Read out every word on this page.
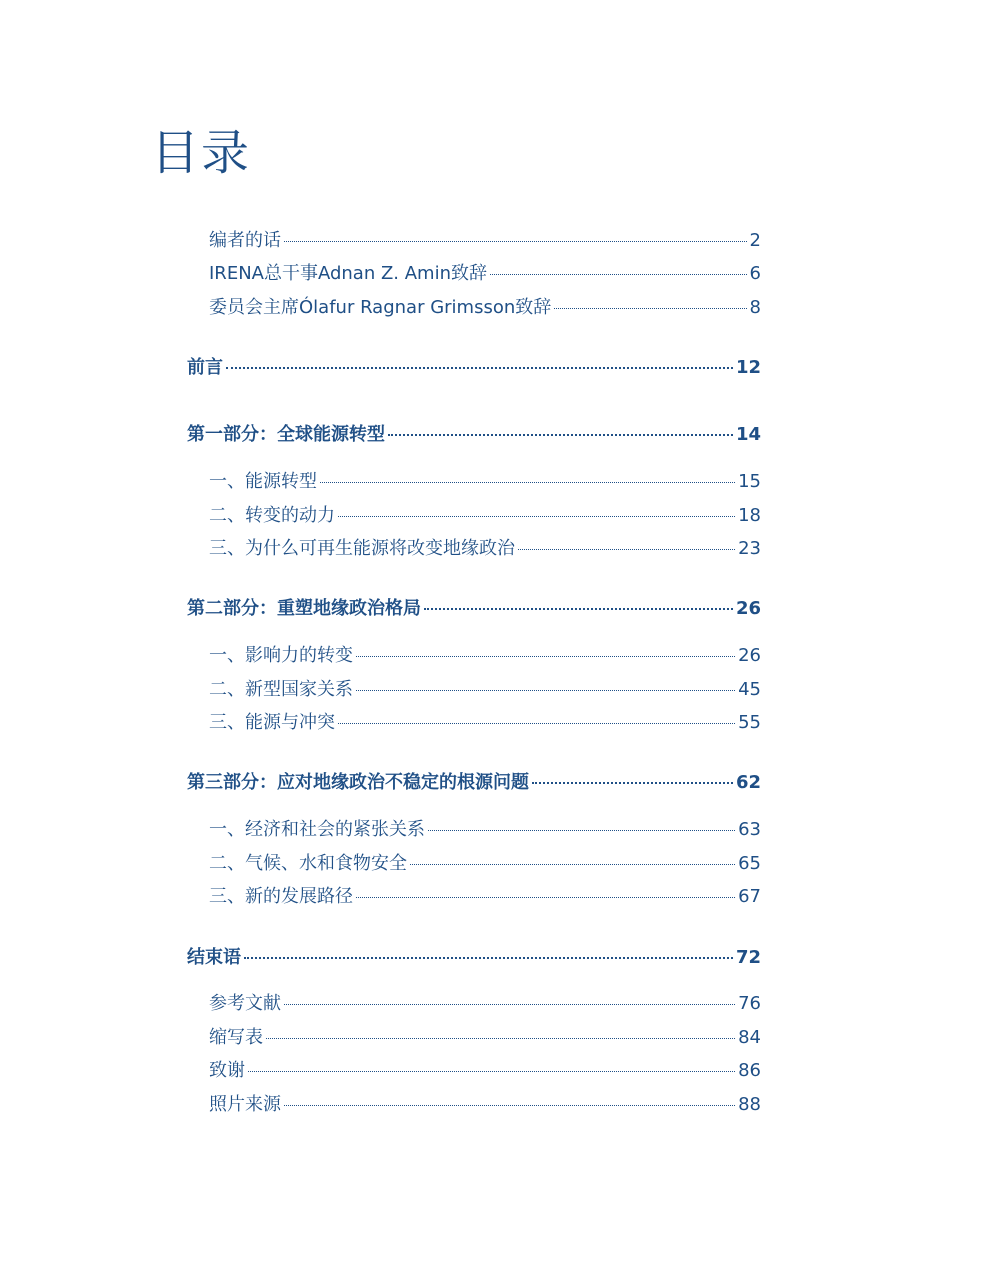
目录
编者的话	2
IRENA总干事Adnan Z. Amin致辞	6
委员会主席Ólafur Ragnar Grimsson致辞	8
前言	12
第一部分：全球能源转型	14
一、能源转型	15
二、转变的动力	18
三、为什么可再生能源将改变地缘政治	23
第二部分：重塑地缘政治格局	26
一、影响力的转变	26
二、新型国家关系	45
三、能源与冲突	55
第三部分：应对地缘政治不稳定的根源问题	62
一、经济和社会的紧张关系	63
二、气候、水和食物安全	65
三、新的发展路径	67
结束语	72
参考文献	76
缩写表	84
致谢	86
照片来源	88
